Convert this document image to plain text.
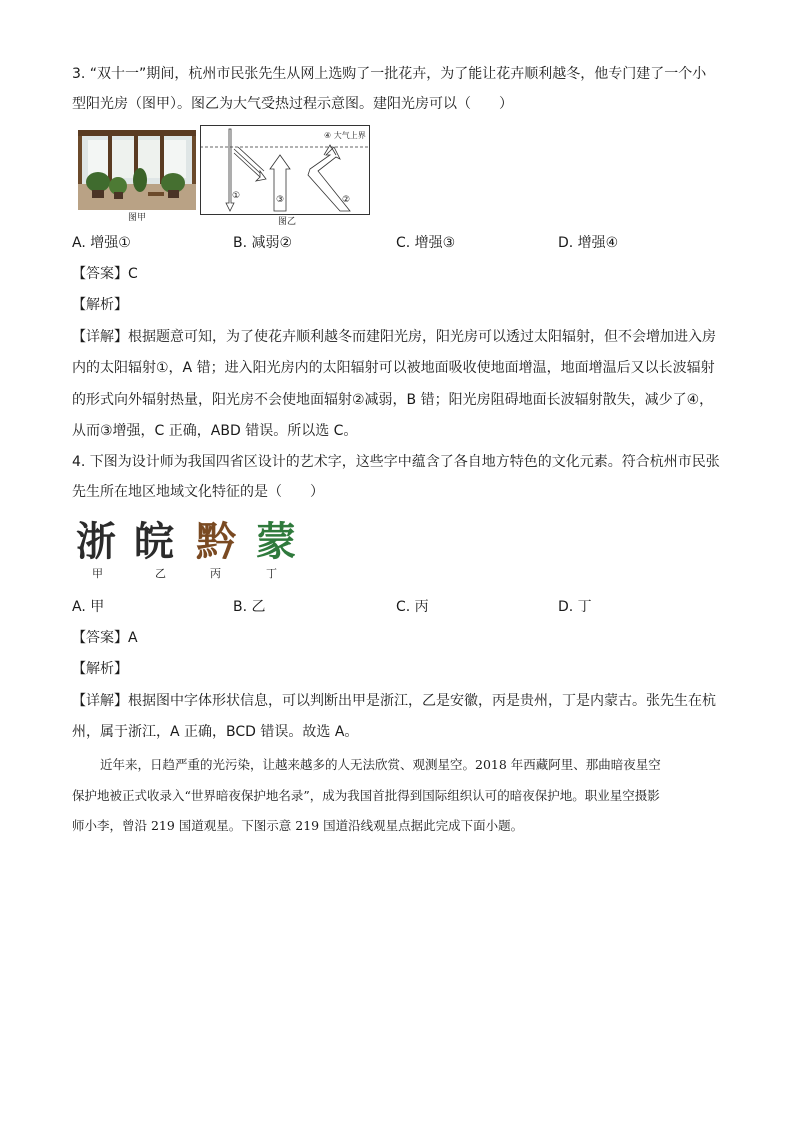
3. “双十一”期间，杭州市民张先生从网上选购了一批花卉，为了能让花卉顺利越冬，他专门建了一个小
型阳光房（图甲）。图乙为大气受热过程示意图。建阳光房可以（　　）
图甲
④ 大气上界
①	②
③
图乙
A. 增强①	B. 减弱②	C. 增强③	D. 增强④
【答案】C
【解析】
【详解】根据题意可知，为了使花卉顺利越冬而建阳光房，阳光房可以透过太阳辐射，但不会增加进入房
内的太阳辐射①，A 错；进入阳光房内的太阳辐射可以被地面吸收使地面增温，地面增温后又以长波辐射
的形式向外辐射热量，阳光房不会使地面辐射②减弱，B 错；阳光房阻碍地面长波辐射散失，减少了④，
从而③增强，C 正确，ABD 错误。所以选 C。
4. 下图为设计师为我国四省区设计的艺术字，这些字中蕴含了各自地方特色的文化元素。符合杭州市民张
先生所在地区地域文化特征的是（　　）
浙 皖 黔 蒙
甲	乙	丙	丁
A. 甲	B. 乙	C. 丙	D. 丁
【答案】A
【解析】
【详解】根据图中字体形状信息，可以判断出甲是浙江，乙是安徽，丙是贵州，丁是内蒙古。张先生在杭
州，属于浙江，A 正确，BCD 错误。故选 A。
近年来，日趋严重的光污染，让越来越多的人无法欣赏、观测星空。2018 年西藏阿里、那曲暗夜星空
保护地被正式收录入“世界暗夜保护地名录”，成为我国首批得到国际组织认可的暗夜保护地。职业星空摄影
师小李，曾沿 219 国道观星。下图示意 219 国道沿线观星点据此完成下面小题。
